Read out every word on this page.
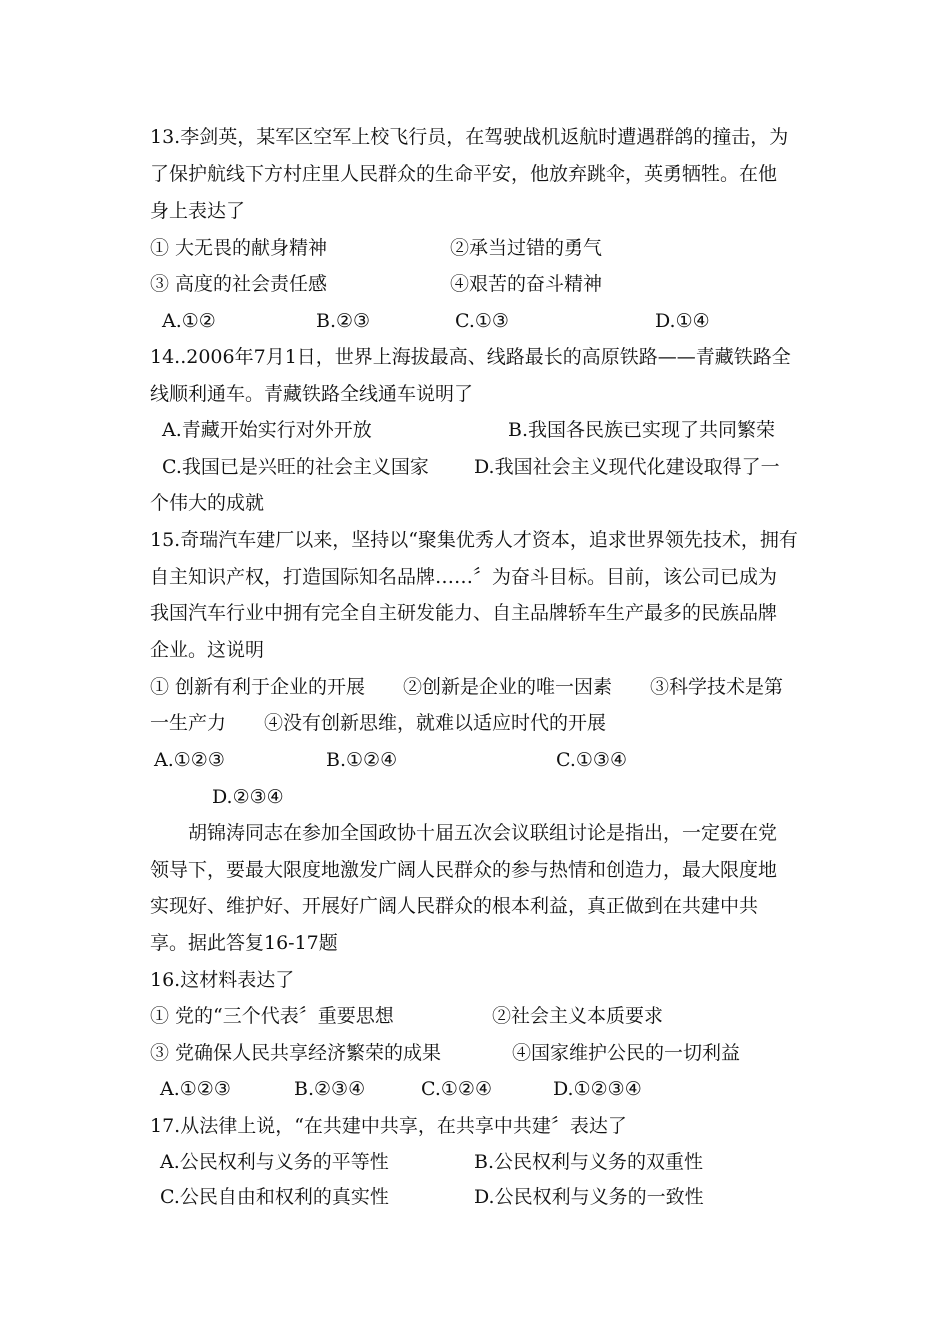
13.李剑英，某军区空军上校飞行员，在驾驶战机返航时遭遇群鸽的撞击，为
了保护航线下方村庄里人民群众的生命平安，他放弃跳伞，英勇牺牲。在他
身上表达了
① 大无畏的献身精神	②承当过错的勇气
③ 高度的社会责任感	④艰苦的奋斗精神
A.①②	B.②③	C.①③	D.①④
14..2006年7月1日，世界上海拔最高、线路最长的高原铁路——青藏铁路全
线顺利通车。青藏铁路全线通车说明了
A.青藏开始实行对外开放	B.我国各民族已实现了共同繁荣
C.我国已是兴旺的社会主义国家 D.我国社会主义现代化建设取得了一
个伟大的成就
15.奇瑞汽车建厂以来，坚持以“聚集优秀人才资本，追求世界领先技术，拥有
自主知识产权，打造国际知名品牌……〞为奋斗目标。目前，该公司已成为
我国汽车行业中拥有完全自主研发能力、自主品牌轿车生产最多的民族品牌
企业。这说明
① 创新有利于企业的开展　　②创新是企业的唯一因素　　③科学技术是第
一生产力　　④没有创新思维，就难以适应时代的开展
A.①②③	B.①②④	C.①③④
D.②③④
胡锦涛同志在参加全国政协十届五次会议联组讨论是指出，一定要在党
领导下，要最大限度地激发广阔人民群众的参与热情和创造力，最大限度地
实现好、维护好、开展好广阔人民群众的根本利益，真正做到在共建中共
享。据此答复16-17题
16.这材料表达了
① 党的“三个代表〞重要思想	②社会主义本质要求
③ 党确保人民共享经济繁荣的成果	④国家维护公民的一切利益
A.①②③	B.②③④	C.①②④	D.①②③④
17.从法律上说，“在共建中共享，在共享中共建〞表达了
A.公民权利与义务的平等性	B.公民权利与义务的双重性
C.公民自由和权利的真实性	D.公民权利与义务的一致性
